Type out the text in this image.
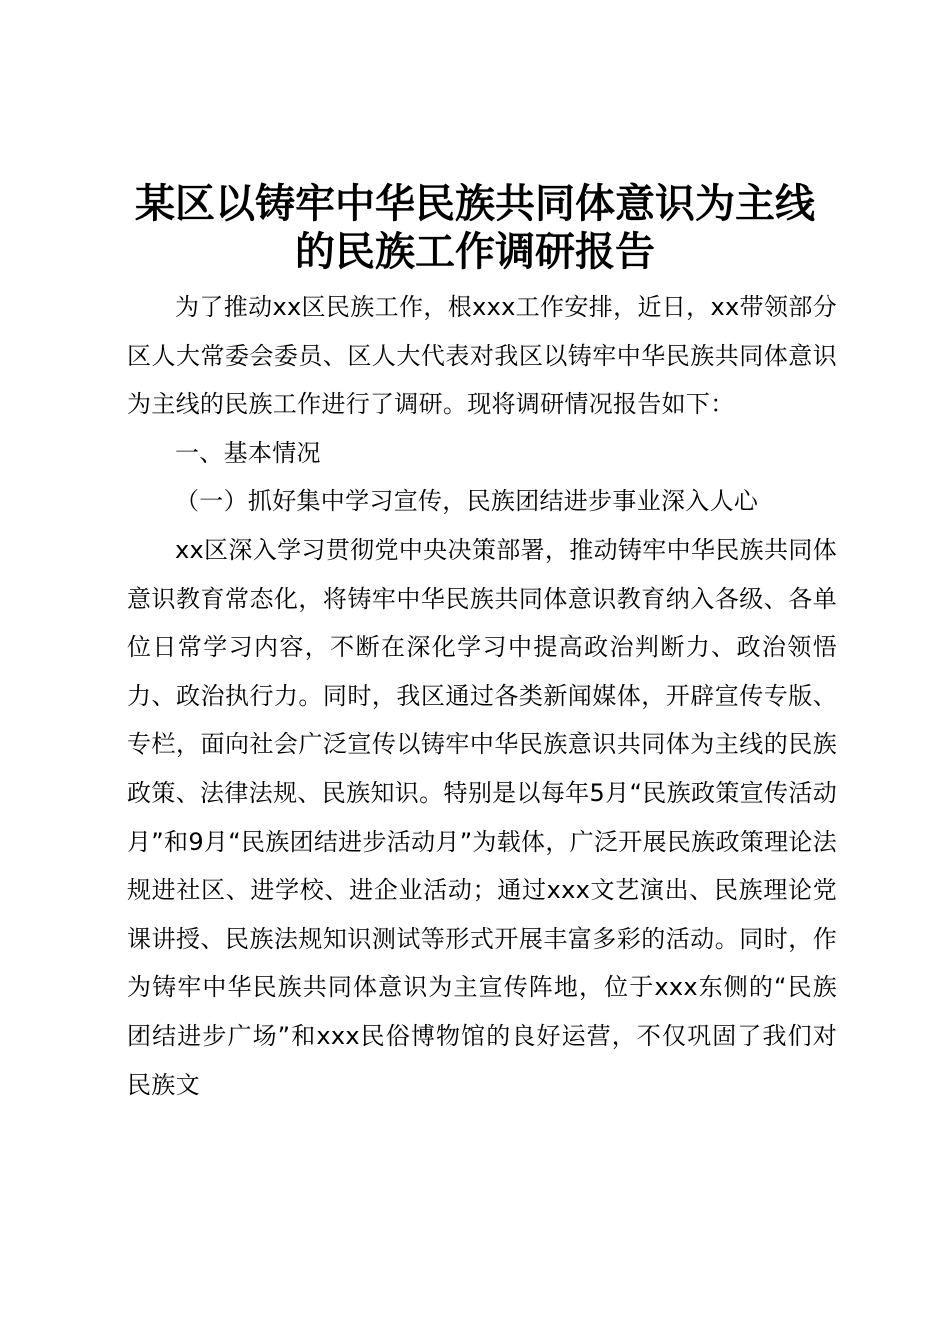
某区以铸牢中华民族共同体意识为主线
的民族工作调研报告

为了推动xx区民族工作，根xxx工作安排，近日，xx带领部分区人大常委会委员、区人大代表对我区以铸牢中华民族共同体意识为主线的民族工作进行了调研。现将调研情况报告如下：

一、基本情况

（一）抓好集中学习宣传，民族团结进步事业深入人心

xx区深入学习贯彻党中央决策部署，推动铸牢中华民族共同体意识教育常态化，将铸牢中华民族共同体意识教育纳入各级、各单位日常学习内容，不断在深化学习中提高政治判断力、政治领悟力、政治执行力。同时，我区通过各类新闻媒体，开辟宣传专版、专栏，面向社会广泛宣传以铸牢中华民族意识共同体为主线的民族政策、法律法规、民族知识。特别是以每年5月“民族政策宣传活动月”和9月“民族团结进步活动月”为载体，广泛开展民族政策理论法规进社区、进学校、进企业活动；通过xxx文艺演出、民族理论党课讲授、民族法规知识测试等形式开展丰富多彩的活动。同时，作为铸牢中华民族共同体意识为主宣传阵地，位于xxx东侧的“民族团结进步广场”和xxx民俗博物馆的良好运营，不仅巩固了我们对民族文
